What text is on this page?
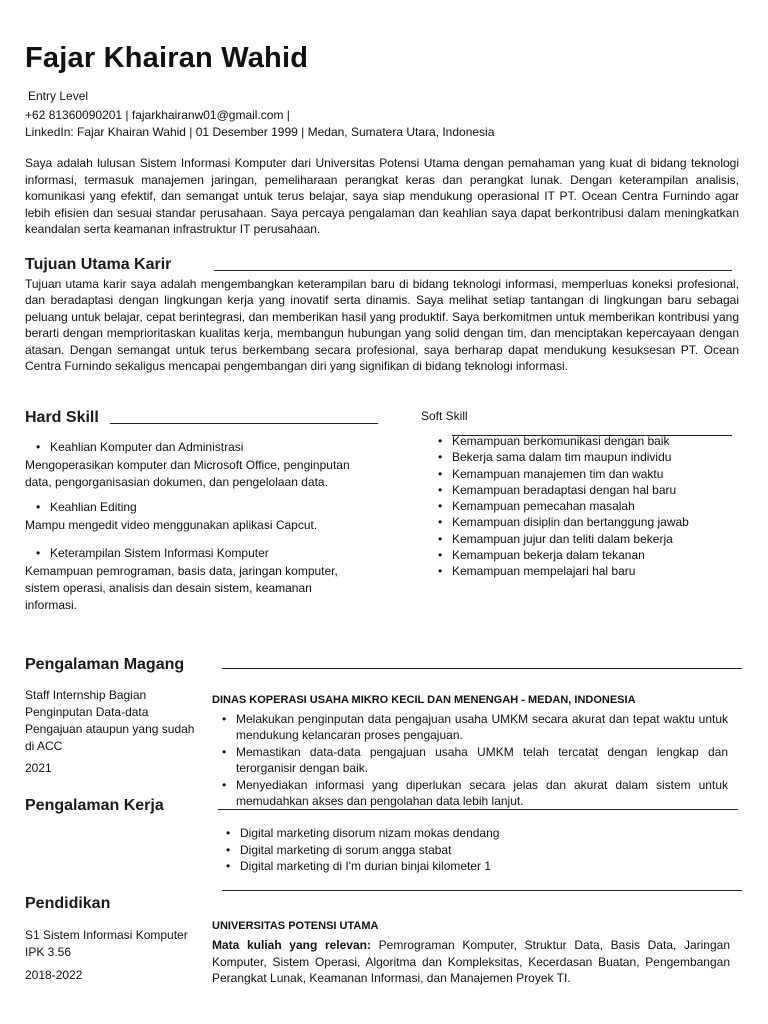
Fajar Khairan Wahid
Entry Level
+62 81360090201 | fajarkhairanw01@gmail.com |
LinkedIn: Fajar Khairan Wahid | 01 Desember 1999 | Medan, Sumatera Utara, Indonesia
Saya adalah lulusan Sistem Informasi Komputer dari Universitas Potensi Utama dengan pemahaman yang kuat di bidang teknologi informasi, termasuk manajemen jaringan, pemeliharaan perangkat keras dan perangkat lunak. Dengan keterampilan analisis, komunikasi yang efektif, dan semangat untuk terus belajar, saya siap mendukung operasional IT PT. Ocean Centra Furnindo agar lebih efisien dan sesuai standar perusahaan. Saya percaya pengalaman dan keahlian saya dapat berkontribusi dalam meningkatkan keandalan serta keamanan infrastruktur IT perusahaan.
Tujuan Utama Karir
Tujuan utama karir saya adalah mengembangkan keterampilan baru di bidang teknologi informasi, memperluas koneksi profesional, dan beradaptasi dengan lingkungan kerja yang inovatif serta dinamis. Saya melihat setiap tantangan di lingkungan baru sebagai peluang untuk belajar, cepat berintegrasi, dan memberikan hasil yang produktif. Saya berkomitmen untuk memberikan kontribusi yang berarti dengan memprioritaskan kualitas kerja, membangun hubungan yang solid dengan tim, dan menciptakan kepercayaan dengan atasan. Dengan semangat untuk terus berkembang secara profesional, saya berharap dapat mendukung kesuksesan PT. Ocean Centra Furnindo sekaligus mencapai pengembangan diri yang signifikan di bidang teknologi informasi.
Hard Skill
• Keahlian Komputer dan Administrasi
Mengoperasikan komputer dan Microsoft Office, penginputan data, pengorganisasian dokumen, dan pengelolaan data.
• Keahlian Editing
Mampu mengedit video menggunakan aplikasi Capcut.
• Keterampilan Sistem Informasi Komputer
Kemampuan pemrograman, basis data, jaringan komputer, sistem operasi, analisis dan desain sistem, keamanan informasi.
Soft Skill
• Kemampuan berkomunikasi dengan baik
• Bekerja sama dalam tim maupun individu
• Kemampuan manajemen tim dan waktu
• Kemampuan beradaptasi dengan hal baru
• Kemampuan pemecahan masalah
• Kemampuan disiplin dan bertanggung jawab
• Kemampuan jujur dan teliti dalam bekerja
• Kemampuan bekerja dalam tekanan
• Kemampuan mempelajari hal baru
Pengalaman Magang
Staff Internship Bagian Penginputan Data-data Pengajuan ataupun yang sudah di ACC
2021
DINAS KOPERASI USAHA MIKRO KECIL DAN MENENGAH - MEDAN, INDONESIA
• Melakukan penginputan data pengajuan usaha UMKM secara akurat dan tepat waktu untuk mendukung kelancaran proses pengajuan.
• Memastikan data-data pengajuan usaha UMKM telah tercatat dengan lengkap dan terorganisir dengan baik.
• Menyediakan informasi yang diperlukan secara jelas dan akurat dalam sistem untuk memudahkan akses dan pengolahan data lebih lanjut.
Pengalaman Kerja
• Digital marketing disorum nizam mokas dendang
• Digital marketing di sorum angga stabat
• Digital marketing di I'm durian binjai kilometer 1
Pendidikan
S1 Sistem Informasi Komputer
IPK 3.56
2018-2022
UNIVERSITAS POTENSI UTAMA
Mata kuliah yang relevan: Pemrograman Komputer, Struktur Data, Basis Data, Jaringan Komputer, Sistem Operasi, Algoritma dan Kompleksitas, Kecerdasan Buatan, Pengembangan Perangkat Lunak, Keamanan Informasi, dan Manajemen Proyek TI.
